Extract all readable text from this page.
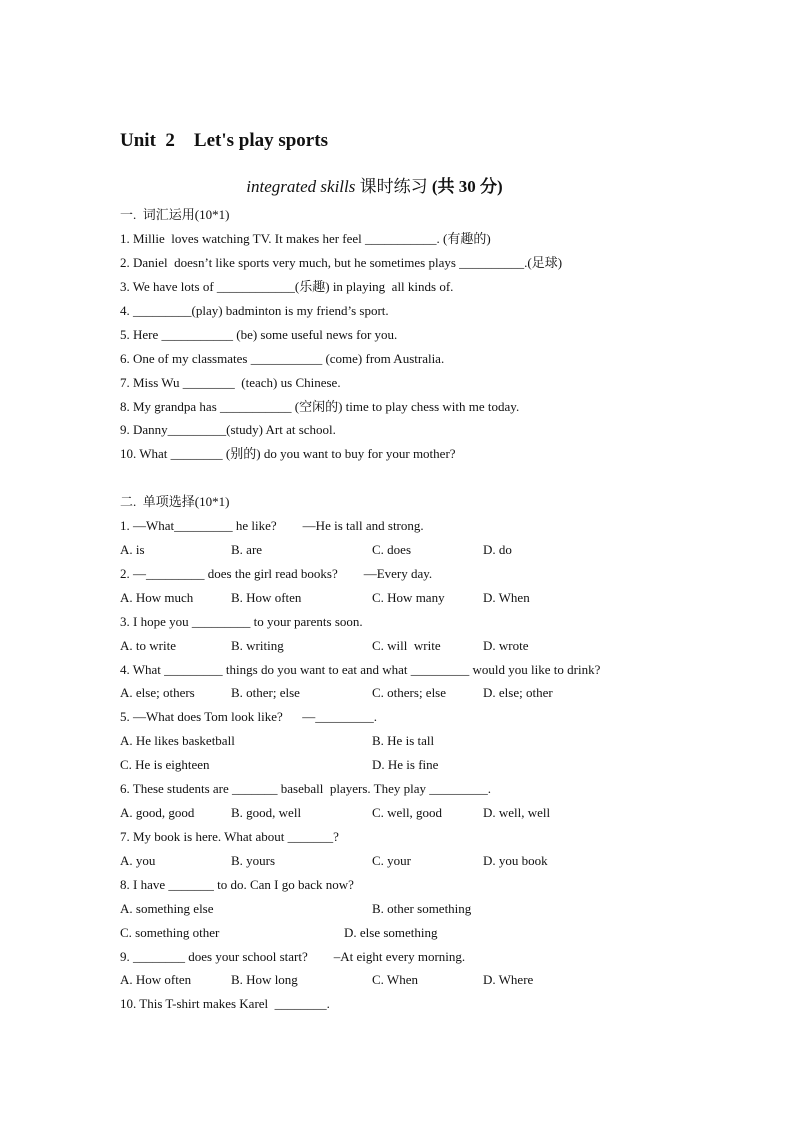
Unit  2    Let's play sports
integrated skills 课时练习 (共 30 分)
一.  词汇运用(10*1)
1. Millie  loves watching TV. It makes her feel ___________. (有趣的)
2. Daniel  doesn’t like sports very much, but he sometimes plays __________.(足球)
3. We have lots of ____________(乐趣) in playing  all kinds of.
4. _________(play) badminton is my friend’s sport.
5. Here ___________ (be) some useful news for you.
6. One of my classmates ___________ (come) from Australia.
7. Miss Wu ________  (teach) us Chinese.
8. My grandpa has ___________ (空闲的) time to play chess with me today.
9. Danny_________(study) Art at school.
10. What ________ (别的) do you want to buy for your mother?
二.  单项选择(10*1)
1. —What_________ he like?        —He is tall and strong.
A. is	B. are	C. does	D. do
2. —_________ does the girl read books?        —Every day.
A. How much	B. How often	C. How many	D. When
3. I hope you _________ to your parents soon.
A. to write	B. writing	C. will  write	D. wrote
4. What _________ things do you want to eat and what _________ would you like to drink?
A. else; others	B. other; else	C. others; else	D. else; other
5. —What does Tom look like?      —_________.
A. He likes basketball	B. He is tall
C. He is eighteen	D. He is fine
6. These students are _______ baseball  players. They play _________.
A. good, good	B. good, well	C. well, good	D. well, well
7. My book is here. What about _______?
A. you	B. yours	C. your	D. you book
8. I have _______ to do. Can I go back now?
A. something else	B. other something
C. something other	D. else something
9. ________ does your school start?        –At eight every morning.
A. How often	B. How long	C. When	D. Where
10. This T-shirt makes Karel  ________.
